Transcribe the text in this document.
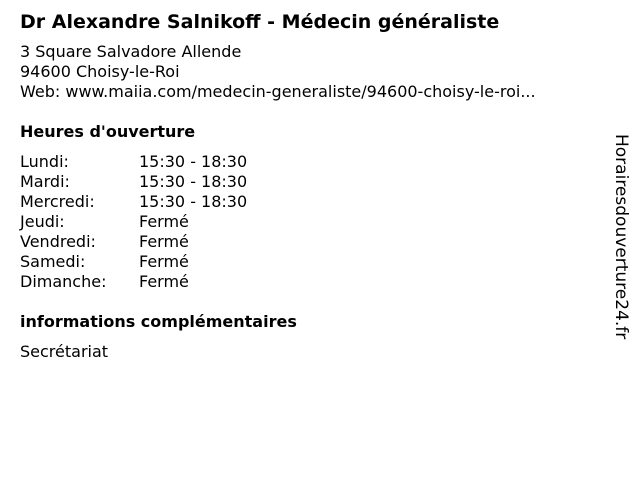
Dr Alexandre Salnikoff - Médecin généraliste
3 Square Salvadore Allende
94600 Choisy-le-Roi
Web: www.maiia.com/medecin-generaliste/94600-choisy-le-roi...
Heures d'ouverture
Lundi:	15:30 - 18:30
Mardi:	15:30 - 18:30
Mercredi:	15:30 - 18:30
Jeudi:	Fermé
Vendredi:	Fermé
Samedi:	Fermé
Dimanche:	Fermé
informations complémentaires
Secrétariat
Horairesdouverture24.fr
